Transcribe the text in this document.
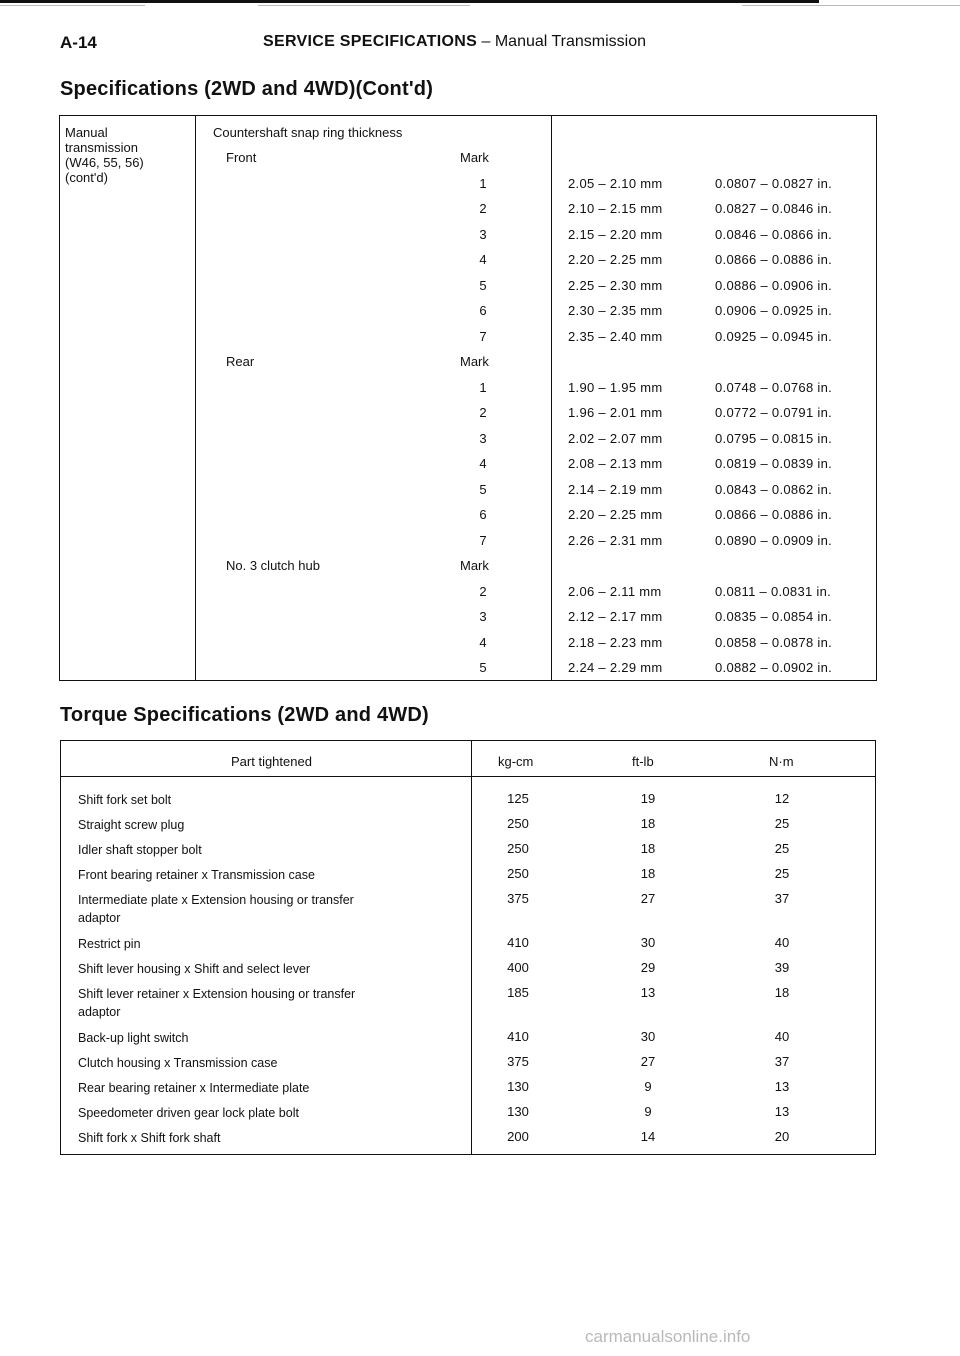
A-14	SERVICE SPECIFICATIONS – Manual Transmission
Specifications (2WD and 4WD)(Cont'd)
Manual
transmission
(W46, 55, 56)
(cont'd)
Countershaft snap ring thickness
Front	Mark
1	2.05 – 2.10 mm	0.0807 – 0.0827 in.
2	2.10 – 2.15 mm	0.0827 – 0.0846 in.
3	2.15 – 2.20 mm	0.0846 – 0.0866 in.
4	2.20 – 2.25 mm	0.0866 – 0.0886 in.
5	2.25 – 2.30 mm	0.0886 – 0.0906 in.
6	2.30 – 2.35 mm	0.0906 – 0.0925 in.
7	2.35 – 2.40 mm	0.0925 – 0.0945 in.
Rear	Mark
1	1.90 – 1.95 mm	0.0748 – 0.0768 in.
2	1.96 – 2.01 mm	0.0772 – 0.0791 in.
3	2.02 – 2.07 mm	0.0795 – 0.0815 in.
4	2.08 – 2.13 mm	0.0819 – 0.0839 in.
5	2.14 – 2.19 mm	0.0843 – 0.0862 in.
6	2.20 – 2.25 mm	0.0866 – 0.0886 in.
7	2.26 – 2.31 mm	0.0890 – 0.0909 in.
No. 3 clutch hub	Mark
2	2.06 – 2.11 mm	0.0811 – 0.0831 in.
3	2.12 – 2.17 mm	0.0835 – 0.0854 in.
4	2.18 – 2.23 mm	0.0858 – 0.0878 in.
5	2.24 – 2.29 mm	0.0882 – 0.0902 in.
Torque Specifications (2WD and 4WD)
Part tightened	kg-cm	ft-lb	N·m
Shift fork set bolt	125	19	12
Straight screw plug	250	18	25
Idler shaft stopper bolt	250	18	25
Front bearing retainer x Transmission case	250	18	25
Intermediate plate x Extension housing or transfer
adaptor
375	27	37
Restrict pin	410	30	40
Shift lever housing x Shift and select lever	400	29	39
Shift lever retainer x Extension housing or transfer
adaptor
185	13	18
Back-up light switch	410	30	40
Clutch housing x Transmission case	375	27	37
Rear bearing retainer x Intermediate plate	130	9	13
Speedometer driven gear lock plate bolt	130	9	13
Shift fork x Shift fork shaft	200	14	20
carmanualsonline.info
